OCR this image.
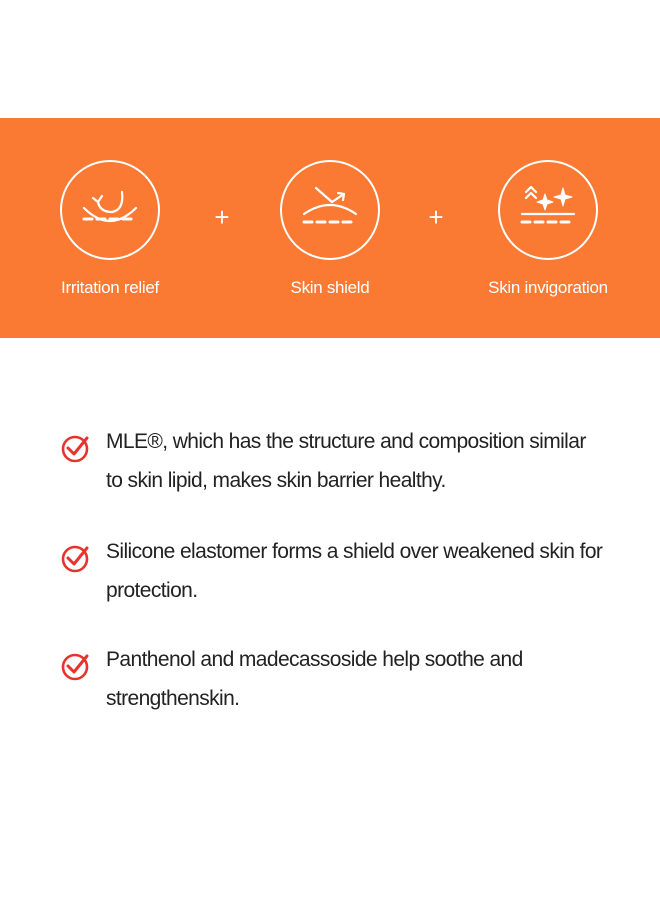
Irritation relief
+
Skin shield
+
Skin invigoration
MLE®, which has the structure and composition similar to skin lipid, makes skin barrier healthy.
Silicone elastomer forms a shield over weakened skin for protection.
Panthenol and madecassoside help soothe and strengthenskin.
